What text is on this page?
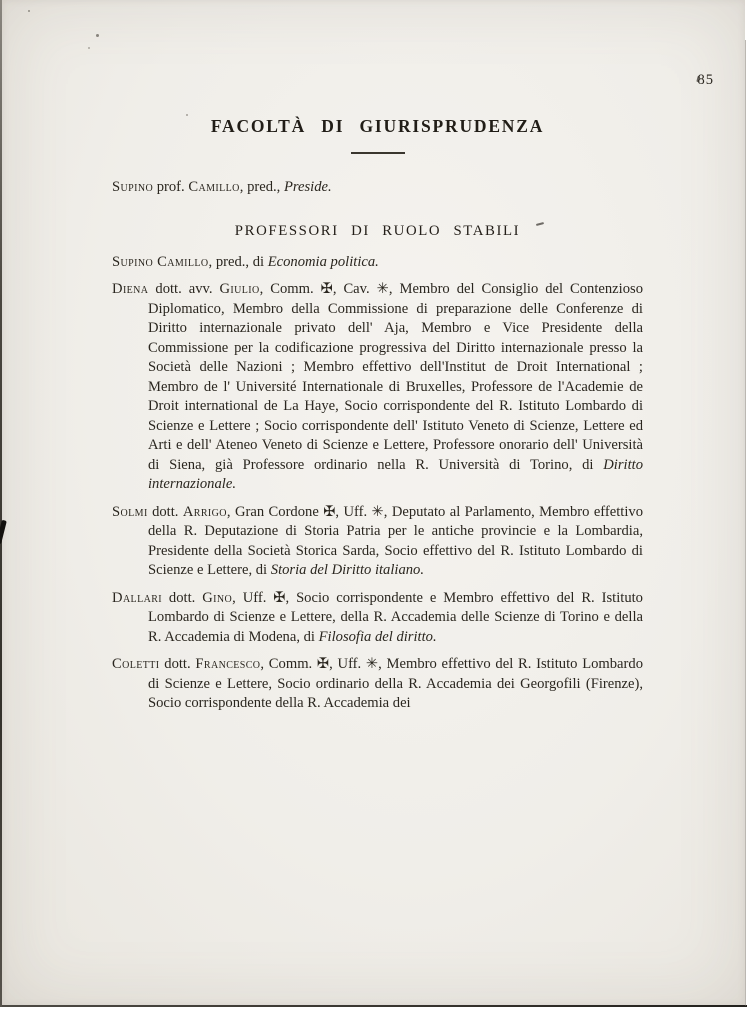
85
FACOLTÀ DI GIURISPRUDENZA

Supino prof. Camillo, pred., Preside.

PROFESSORI DI RUOLO STABILI

Supino Camillo, pred., di Economia politica.

Diena dott. avv. Giulio, Comm. ✠, Cav. ✳, Membro del Consiglio del Contenzioso Diplomatico, Membro della Commissione di preparazione delle Conferenze di Diritto internazionale privato dell' Aja, Membro e Vice Presidente della Commissione per la codificazione progressiva del Diritto internazionale presso la Società delle Nazioni ; Membro effettivo dell'Institut de Droit International ; Membro de l' Université Internationale di Bruxelles, Professore de l'Academie de Droit international de La Haye, Socio corrispondente del R. Istituto Lombardo di Scienze e Lettere ; Socio corrispondente dell' Istituto Veneto di Scienze, Lettere ed Arti e dell' Ateneo Veneto di Scienze e Lettere, Professore onorario dell' Università di Siena, già Professore ordinario nella R. Università di Torino, di Diritto internazionale.

Solmi dott. Arrigo, Gran Cordone ✠, Uff. ✳, Deputato al Parlamento, Membro effettivo della R. Deputazione di Storia Patria per le antiche provincie e la Lombardia, Presidente della Società Storica Sarda, Socio effettivo del R. Istituto Lombardo di Scienze e Lettere, di Storia del Diritto italiano.

Dallari dott. Gino, Uff. ✠, Socio corrispondente e Membro effettivo del R. Istituto Lombardo di Scienze e Lettere, della R. Accademia delle Scienze di Torino e della R. Accademia di Modena, di Filosofia del diritto.

Coletti dott. Francesco, Comm. ✠, Uff. ✳, Membro effettivo del R. Istituto Lombardo di Scienze e Lettere, Socio ordinario della R. Accademia dei Georgofili (Firenze), Socio corrispondente della R. Accademia dei
